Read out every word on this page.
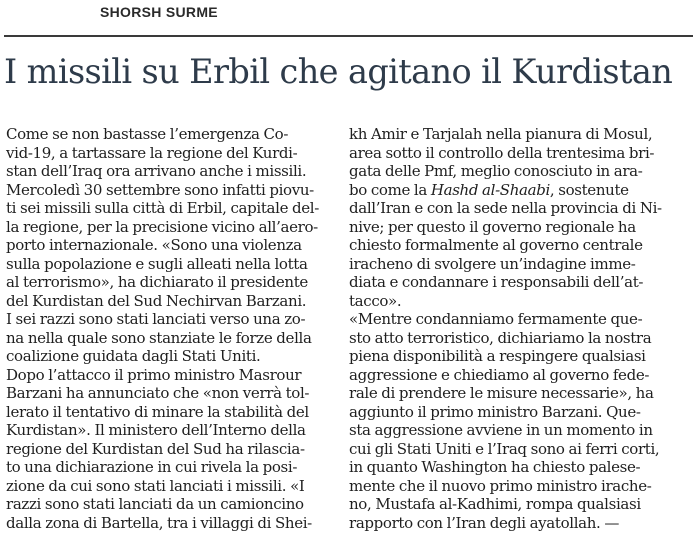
SHORSH SURME
I missili su Erbil che agitano il Kurdistan
Come se non bastasse l’emergenza Co-
vid-19, a tartassare la regione del Kurdi-
stan dell’Iraq ora arrivano anche i missili.
Mercoledì 30 settembre sono infatti piovu-
ti sei missili sulla città di Erbil, capitale del-
la regione, per la precisione vicino all’aero-
porto internazionale. «Sono una violenza
sulla popolazione e sugli alleati nella lotta
al terrorismo», ha dichiarato il presidente
del Kurdistan del Sud Nechirvan Barzani.
I sei razzi sono stati lanciati verso una zo-
na nella quale sono stanziate le forze della
coalizione guidata dagli Stati Uniti.
Dopo l’attacco il primo ministro Masrour
Barzani ha annunciato che «non verrà tol-
lerato il tentativo di minare la stabilità del
Kurdistan». Il ministero dell’Interno della
regione del Kurdistan del Sud ha rilascia-
to una dichiarazione in cui rivela la posi-
zione da cui sono stati lanciati i missili. «I
razzi sono stati lanciati da un camioncino
dalla zona di Bartella, tra i villaggi di Shei-
kh Amir e Tarjalah nella pianura di Mosul,
area sotto il controllo della trentesima bri-
gata delle Pmf, meglio conosciuto in ara-
bo come la Hashd al-Shaabi, sostenute
dall’Iran e con la sede nella provincia di Ni-
nive; per questo il governo regionale ha
chiesto formalmente al governo centrale
iracheno di svolgere un’indagine imme-
diata e condannare i responsabili dell’at-
tacco».
«Mentre condanniamo fermamente que-
sto atto terroristico, dichiariamo la nostra
piena disponibilità a respingere qualsiasi
aggressione e chiediamo al governo fede-
rale di prendere le misure necessarie», ha
aggiunto il primo ministro Barzani. Que-
sta aggressione avviene in un momento in
cui gli Stati Uniti e l’Iraq sono ai ferri corti,
in quanto Washington ha chiesto palese-
mente che il nuovo primo ministro irache-
no, Mustafa al-Kadhimi, rompa qualsiasi
rapporto con l’Iran degli ayatollah. —
